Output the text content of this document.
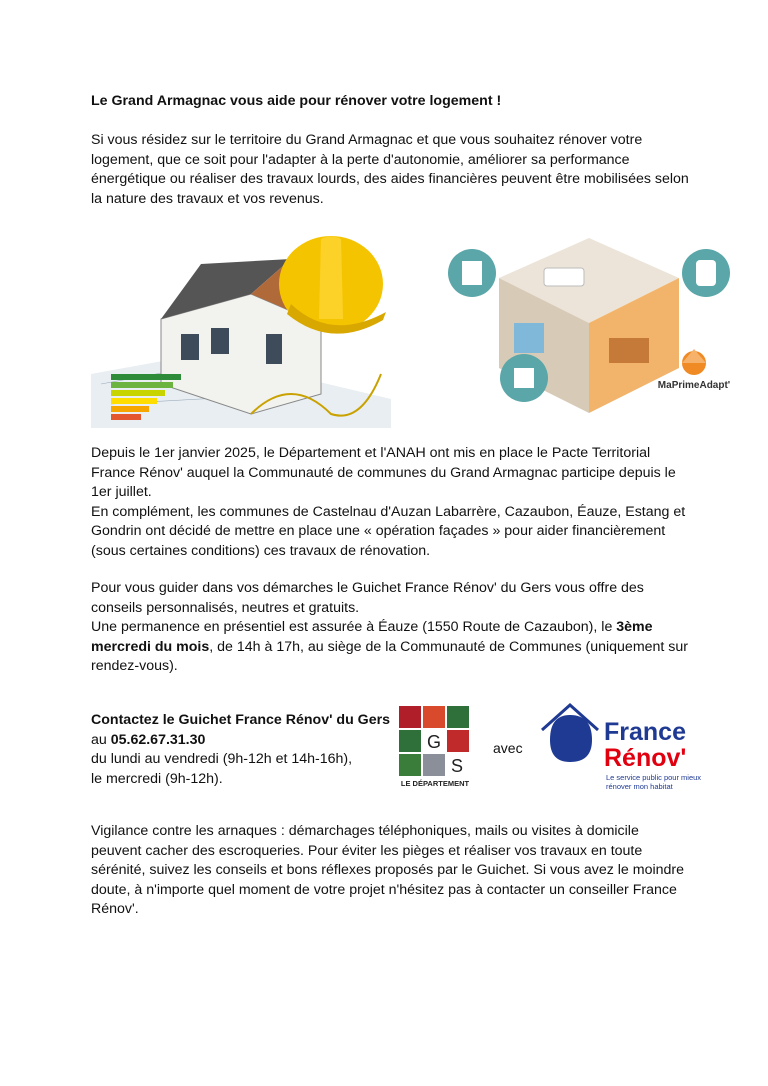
Le Grand Armagnac vous aide pour rénover votre logement !

Si vous résidez sur le territoire du Grand Armagnac et que vous souhaitez rénover votre logement, que ce soit pour l'adapter à la perte d'autonomie, améliorer sa performance énergétique ou réaliser des travaux lourds, des aides financières peuvent être mobilisées selon la nature des travaux et vos revenus.

Depuis le 1er janvier 2025, le Département et l'ANAH ont mis en place le Pacte Territorial France Rénov' auquel la Communauté de communes du Grand Armagnac participe depuis le 1er juillet.

En complément, les communes de Castelnau d'Auzan Labarrère, Cazaubon, Éauze, Estang et Gondrin ont décidé de mettre en place une « opération façades » pour aider financièrement (sous certaines conditions) ces travaux de rénovation.

Pour vous guider dans vos démarches le Guichet France Rénov' du Gers vous offre des conseils personnalisés, neutres et gratuits.

Une permanence en présentiel est assurée à Éauze (1550 Route de Cazaubon), le 3ème mercredi du mois, de 14h à 17h, au siège de la Communauté de Communes (uniquement sur rendez-vous).

Contactez le Guichet France Rénov' du Gers

au 05.62.67.31.30

du lundi au vendredi (9h-12h et 14h-16h),

le mercredi (9h-12h).

Vigilance contre les arnaques : démarchages téléphoniques, mails ou visites à domicile peuvent cacher des escroqueries. Pour éviter les pièges et réaliser vos travaux en toute sérénité, suivez les conseils et bons réflexes proposés par le Guichet. Si vous avez le moindre doute, à n'importe quel moment de votre projet n'hésitez pas à contacter un conseiller France Rénov'.

MaPrimeAdapt'
G
S
LE DÉPARTEMENT
avec
France
Rénov'
Le service public pour mieux
rénover mon habitat
